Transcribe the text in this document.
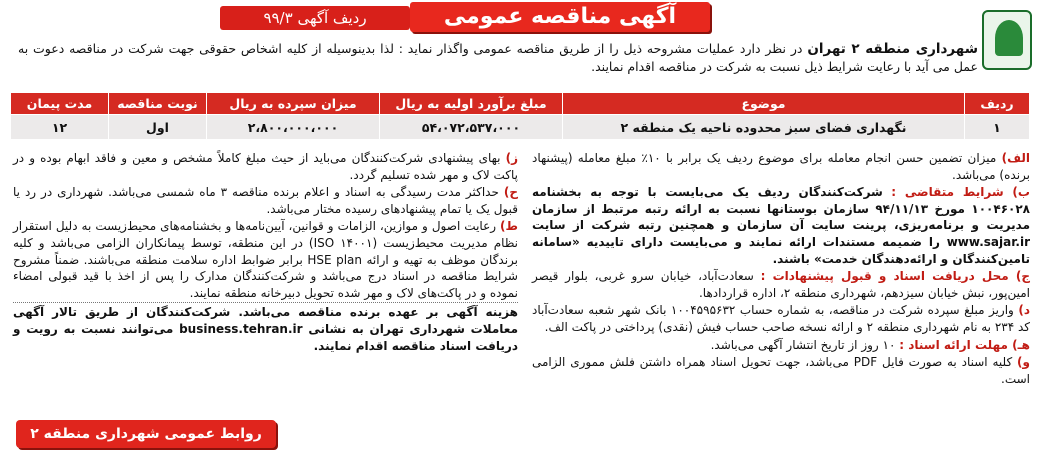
آگهی مناقصه عمومی
ردیف آگهی ۹۹/۳
شهرداری منطقه ۲ تهران در نظر دارد عملیات مشروحه ذیل را از طریق مناقصه عمومی واگذار نماید : لذا بدینوسیله از کلیه اشخاص حقوقی جهت شرکت در مناقصه دعوت به عمل می آید با رعایت شرایط ذیل نسبت به شرکت در مناقصه اقدام نمایند.
ردیف	موضوع	مبلغ برآورد اولیه به ریال	میزان سپرده به ریال	نوبت مناقصه	مدت پیمان
۱	نگهداری فضای سبز محدوده ناحیه یک منطقه ۲	۵۴،۰۷۲،۵۳۷،۰۰۰	۲،۸۰۰،۰۰۰،۰۰۰	اول	۱۲

الف) میزان تضمین حسن انجام معامله برای موضوع ردیف یک برابر با ۱۰٪ مبلغ معامله (پیشنهاد برنده) می‌باشد.

ب) شرایط متقاضی : شرکت‌کنندگان ردیف یک می‌بایست با توجه به بخشنامه ۱۰۰۴۶۰۲۸ مورخ ۹۴/۱۱/۱۳ سازمان بوستانها نسبت به ارائه رتبه مرتبط از سازمان مدیریت و برنامه‌ریزی، پرینت سایت آن سازمان و همچنین رتبه شرکت از سایت www.sajar.ir را ضمیمه مستندات ارائه نمایند و می‌بایست دارای تاییدیه «سامانه تامین‌کنندگان و ارائه‌دهندگان خدمت» باشند.

ج) محل دریافت اسناد و قبول پیشنهادات : سعادت‌آباد، خیابان سرو غربی، بلوار قیصر امین‌پور، نبش خیابان سیزدهم، شهرداری منطقه ۲، اداره قراردادها.

د) واریز مبلغ سپرده شرکت در مناقصه، به شماره حساب ۱۰۰۴۵۹۵۶۳۲ بانک شهر شعبه سعادت‌آباد کد ۲۳۴ به نام شهرداری منطقه ۲ و ارائه نسخه صاحب حساب فیش (نقدی) پرداختی در پاکت الف.

هـ) مهلت ارائه اسناد : ۱۰ روز از تاریخ انتشار آگهی می‌باشد.

و) کلیه اسناد به صورت فایل PDF می‌باشد، جهت تحویل اسناد همراه داشتن فلش مموری الزامی است.

ز) بهای پیشنهادی شرکت‌کنندگان می‌باید از حیث مبلغ کاملاً مشخص و معین و فاقد ابهام بوده و در پاکت لاک و مهر شده تسلیم گردد.

ح) حداکثر مدت رسیدگی به اسناد و اعلام برنده مناقصه ۳ ماه شمسی می‌باشد. شهرداری در رد یا قبول یک یا تمام پیشنهادهای رسیده مختار می‌باشد.

ط) رعایت اصول و موازین، الزامات و قوانین، آیین‌نامه‌ها و بخشنامه‌های محیط‌زیست به دلیل استقرار نظام مدیریت محیط‌زیست (ISO ۱۴۰۰۱) در این منطقه، توسط پیمانکاران الزامی می‌باشد و کلیه برندگان موظف به تهیه و ارائه HSE plan برابر ضوابط اداره سلامت منطقه می‌باشند. ضمناً مشروح شرایط مناقصه در اسناد درج می‌باشد و شرکت‌کنندگان مدارک را پس از اخذ با قید قبولی امضاء نموده و در پاکت‌های لاک و مهر شده تحویل دبیرخانه منطقه نمایند.

هزینه آگهی بر عهده برنده مناقصه می‌باشد. شرکت‌کنندگان از طریق تالار آگهی معاملات شهرداری تهران به نشانی business.tehran.ir می‌توانند نسبت به رویت و دریافت اسناد مناقصه اقدام نمایند.

روابط عمومی شهرداری منطقه ۲ تهران
